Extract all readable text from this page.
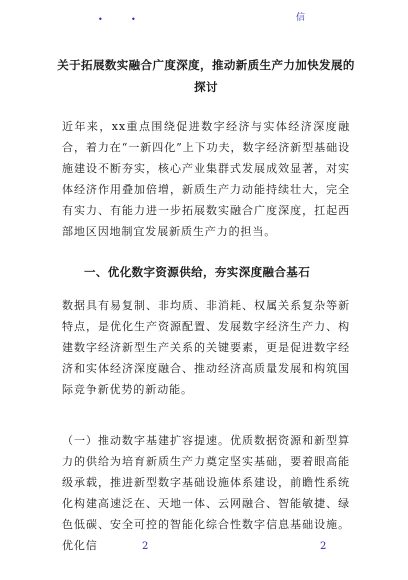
•	•	信
关于拓展数实融合广度深度，推动新质生产力加快发展的探讨
近年来，xx重点围绕促进数字经济与实体经济深度融合，着力在“一新四化”上下功夫，数字经济新型基础设施建设不断夯实，核心产业集群式发展成效显著，对实体经济作用叠加倍增，新质生产力动能持续壮大，完全有实力、有能力进一步拓展数实融合广度深度，扛起西部地区因地制宜发展新质生产力的担当。
一、优化数字资源供给，夯实深度融合基石
数据具有易复制、非均质、非消耗、权属关系复杂等新特点，是优化生产资源配置、发展数字经济生产力、构建数字经济新型生产关系的关键要素，更是促进数字经济和实体经济深度融合、推动经济高质量发展和构筑国际竞争新优势的新动能。
（一）推动数字基建扩容提速。优质数据资源和新型算力的供给为培育新质生产力奠定坚实基础，要着眼高能级承载，推进新型数字基础设施体系建设，前瞻性系统化构建高速泛在、天地一体、云网融合、智能敏捷、绿色低碳、安全可控的智能化综合性数字信息基础设施。优化信	2	2
